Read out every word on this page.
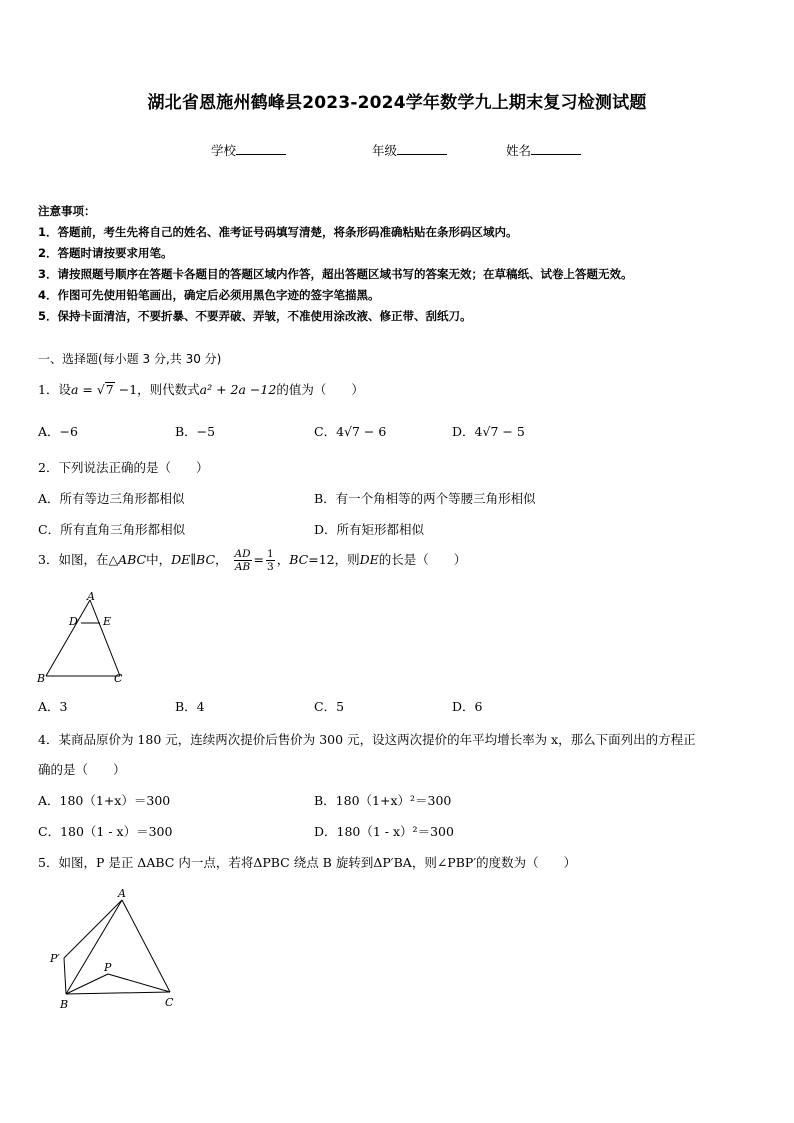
湖北省恩施州鹤峰县2023-2024学年数学九上期末复习检测试题
学校	年级	姓名
注意事项：
1．答题前，考生先将自己的姓名、准考证号码填写清楚，将条形码准确粘贴在条形码区域内。
2．答题时请按要求用笔。
3．请按照题号顺序在答题卡各题目的答题区域内作答，超出答题区域书写的答案无效；在草稿纸、试卷上答题无效。
4．作图可先使用铅笔画出，确定后必须用黑色字迹的签字笔描黑。
5．保持卡面清洁，不要折暴、不要弄破、弄皱，不准使用涂改液、修正带、刮纸刀。
一、选择题(每小题 3 分,共 30 分)
1．设a = √7 −1，则代数式a² + 2a −12的值为（　　）
A．−6	B．−5	C．4√7 − 6	D．4√7 − 5
2．下列说法正确的是（　　）
A．所有等边三角形都相似	B．有一个角相等的两个等腰三角形相似
C．所有直角三角形都相似	D．所有矩形都相似
3．如图，在△ABC中，DE∥BC， $\frac{AD}{AB} = \frac{1}{3}$ ，BC=12，则DE的长是（　　）
A
D E
B	C
A．3	B．4	C．5	D．6
4．某商品原价为 180 元，连续两次提价后售价为 300 元，设这两次提价的年平均增长率为 x，那么下面列出的方程正
确的是（　　）
A．180（1+x）＝300	B．180（1+x）²＝300
C．180（1 - x）＝300	D．180（1 - x）²＝300
5．如图，P 是正 ΔABC 内一点，若将ΔPBC 绕点 B 旋转到ΔP′BA，则∠PBP′的度数为（　　）
A
P′
P
B	C
